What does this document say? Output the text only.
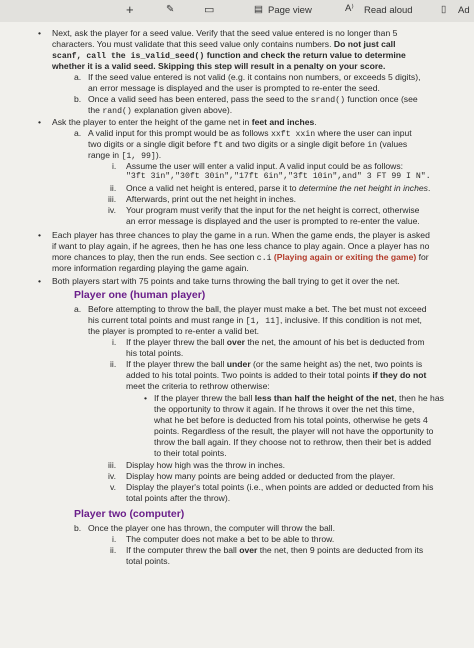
+	✎	▭	▤ Page view	A⁾ Read aloud	▯ Ad
• Next, ask the player for a seed value. Verify that the seed value entered is no longer than 5
characters. You must validate that this seed value only contains numbers. Do not just call
scanf, call the is_valid_seed() function and check the return value to determine
whether it is a valid seed. Skipping this step will result in a penalty on your score.
a. If the seed value entered is not valid (e.g. it contains non numbers, or exceeds 5 digits),
an error message is displayed and the user is prompted to re-enter the seed.
b. Once a valid seed has been entered, pass the seed to the srand() function once (see
the rand() explanation given above).
• Ask the player to enter the height of the game net in feet and inches.
a. A valid input for this prompt would be as follows xxft xxin where the user can input
two digits or a single digit before ft and two digits or a single digit before in (values
range in [1, 99]).
i. Assume the user will enter a valid input. A valid input could be as follows:
"3ft 3in","30ft 30in","17ft 6in","3ft 10in",and" 3 FT 99 I N".
ii. Once a valid net height is entered, parse it to determine the net height in inches.
iii. Afterwards, print out the net height in inches.
iv. Your program must verify that the input for the net height is correct, otherwise
an error message is displayed and the user is prompted to re-enter the value.
• Each player has three chances to play the game in a run. When the game ends, the player is asked
if want to play again, if he agrees, then he has one less chance to play again. Once a player has no
more chances to play, then the run ends. See section c.i (Playing again or exiting the game) for
more information regarding playing the game again.
• Both players start with 75 points and take turns throwing the ball trying to get it over the net.
Player one (human player)
a. Before attempting to throw the ball, the player must make a bet. The bet must not exceed
his current total points and must range in [1, 11], inclusive. If this condition is not met,
the player is prompted to re-enter a valid bet.
i. If the player threw the ball over the net, the amount of his bet is deducted from
his total points.
ii. If the player threw the ball under (or the same height as) the net, two points is
added to his total points. Two points is added to their total points if they do not
meet the criteria to rethrow otherwise:
• If the player threw the ball less than half the height of the net, then he has
the opportunity to throw it again. If he throws it over the net this time,
what he bet before is deducted from his total points, otherwise he gets 4
points. Regardless of the result, the player will not have the opportunity to
throw the ball again. If they choose not to rethrow, then their bet is added
to their total points.
iii. Display how high was the throw in inches.
iv. Display how many points are being added or deducted from the player.
v. Display the player's total points (i.e., when points are added or deducted from his
total points after the throw).
Player two (computer)
b. Once the player one has thrown, the computer will throw the ball.
i. The computer does not make a bet to be able to throw.
ii. If the computer threw the ball over the net, then 9 points are deducted from its
total points.
